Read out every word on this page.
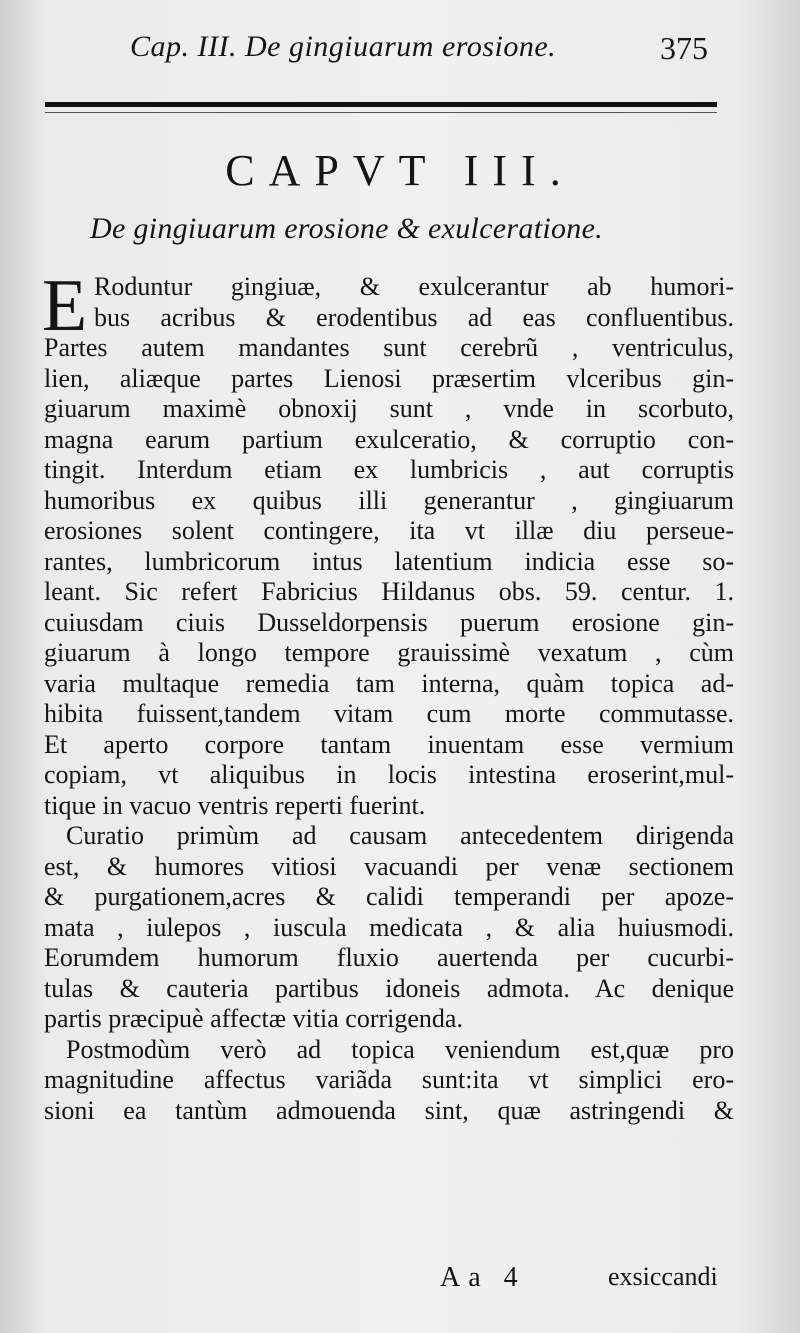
Cap. III. De gingiuarum erosione.	375
CAPVT III.
De gingiuarum erosione & exulceratione.
E Roduntur gingiuæ, & exulcerantur ab humori-
bus acribus & erodentibus ad eas confluentibus.
Partes autem mandantes sunt cerebrũ , ventriculus,
lien, aliæque partes Lienosi præsertim vlceribus gin-
giuarum maximè obnoxij sunt , vnde in scorbuto,
magna earum partium exulceratio, & corruptio con-
tingit. Interdum etiam ex lumbricis , aut corruptis
humoribus ex quibus illi generantur , gingiuarum
erosiones solent contingere, ita vt illæ diu perseue-
rantes, lumbricorum intus latentium indicia esse so-
leant. Sic refert Fabricius Hildanus obs. 59. centur. 1.
cuiusdam ciuis Dusseldorpensis puerum erosione gin-
giuarum à longo tempore grauissimè vexatum , cùm
varia multaque remedia tam interna, quàm topica ad-
hibita fuissent,tandem vitam cum morte commutasse.
Et aperto corpore tantam inuentam esse vermium
copiam, vt aliquibus in locis intestina eroserint,mul-
tique in vacuo ventris reperti fuerint.
Curatio primùm ad causam antecedentem dirigenda
est, & humores vitiosi vacuandi per venæ sectionem
& purgationem,acres & calidi temperandi per apoze-
mata , iulepos , iuscula medicata , & alia huiusmodi.
Eorumdem humorum fluxio auertenda per cucurbi-
tulas & cauteria partibus idoneis admota. Ac denique
partis præcipuè affectæ vitia corrigenda.
Postmodùm verò ad topica veniendum est,quæ pro
magnitudine affectus variãda sunt:ita vt simplici ero-
sioni ea tantùm admouenda sint, quæ astringendi &
Aa 4	exsiccandi
